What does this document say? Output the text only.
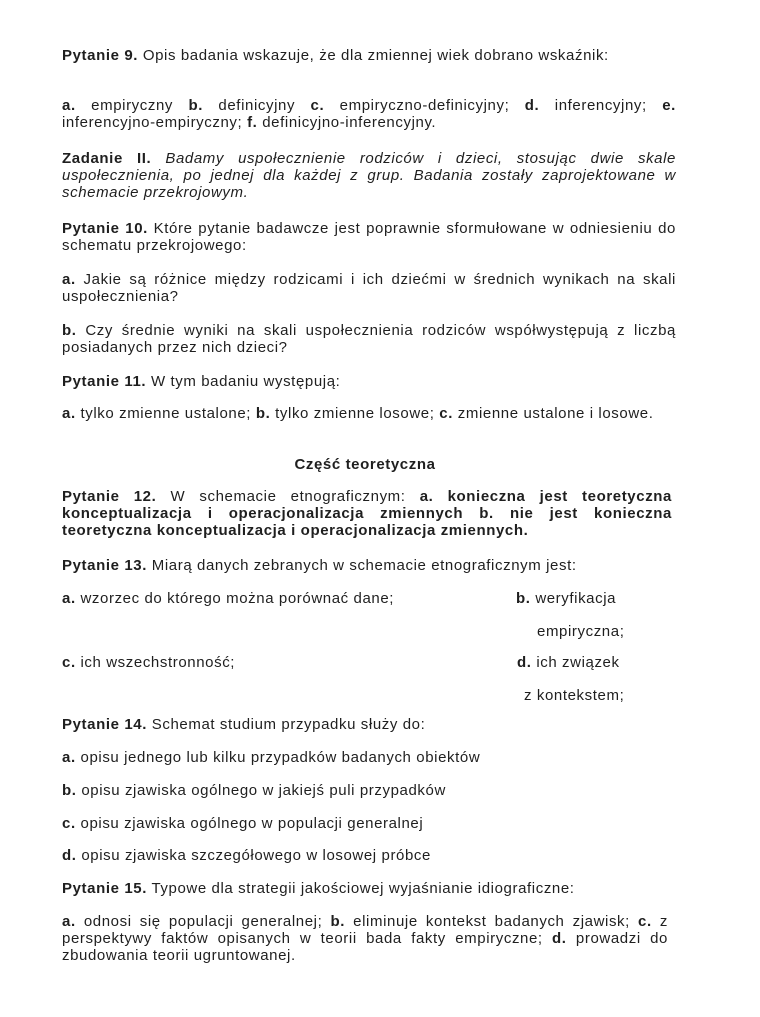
Pytanie 9. Opis badania wskazuje, że dla zmiennej wiek dobrano wskaźnik:
a. empiryczny b. definicyjny c. empiryczno-definicyjny; d. inferencyjny; e. inferencyjno-empiryczny; f. definicyjno-inferencyjny.
Zadanie II. Badamy uspołecznienie rodziców i dzieci, stosując dwie skale uspołecznienia, po jednej dla każdej z grup. Badania zostały zaprojektowane w schemacie przekrojowym.
Pytanie 10. Które pytanie badawcze jest poprawnie sformułowane w odniesieniu do schematu przekrojowego:
a. Jakie są różnice między rodzicami i ich dziećmi w średnich wynikach na skali uspołecznienia?
b. Czy średnie wyniki na skali uspołecznienia rodziców współwystępują z liczbą posiadanych przez nich dzieci?
Pytanie 11. W tym badaniu występują:
a. tylko zmienne ustalone; b. tylko zmienne losowe; c. zmienne ustalone i losowe.
Część teoretyczna
Pytanie 12. W schemacie etnograficznym: a. konieczna jest teoretyczna konceptualizacja i operacjonalizacja zmiennych b. nie jest konieczna teoretyczna konceptualizacja i operacjonalizacja zmiennych.
Pytanie 13. Miarą danych zebranych w schemacie etnograficznym jest:
a. wzorzec do którego można porównać dane;	b. weryfikacja
empiryczna;
c. ich wszechstronność;	d. ich związek
z kontekstem;
Pytanie 14. Schemat studium przypadku służy do:
a. opisu jednego lub kilku przypadków badanych obiektów
b. opisu zjawiska ogólnego w jakiejś puli przypadków
c. opisu zjawiska ogólnego w populacji generalnej
d. opisu zjawiska szczegółowego w losowej próbce
Pytanie 15. Typowe dla strategii jakościowej wyjaśnianie idiograficzne:
a. odnosi się populacji generalnej; b. eliminuje kontekst badanych zjawisk; c. z perspektywy faktów opisanych w teorii bada fakty empiryczne; d. prowadzi do zbudowania teorii ugruntowanej.
